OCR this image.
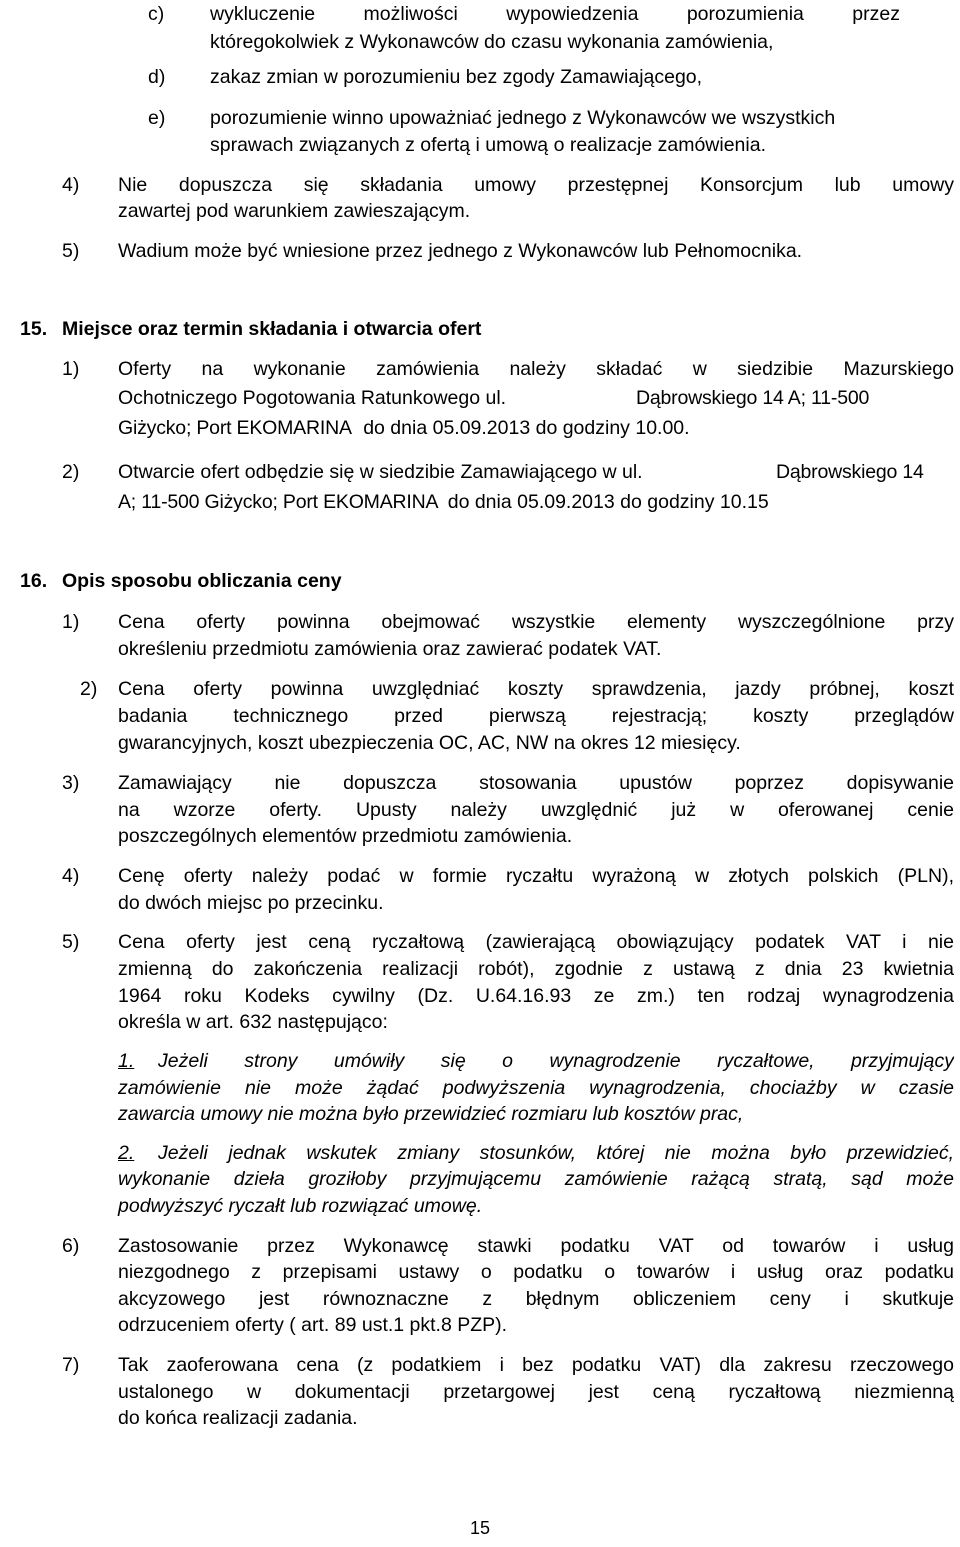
c) wykluczenie możliwości wypowiedzenia porozumienia przez
któregokolwiek z Wykonawców do czasu wykonania zamówienia,
d) zakaz zmian w porozumieniu bez zgody Zamawiającego,
e) porozumienie winno upoważniać jednego z Wykonawców we wszystkich
sprawach związanych z ofertą i umową o realizacje zamówienia.
4) Nie dopuszcza się składania umowy przestępnej Konsorcjum lub umowy
zawartej pod warunkiem zawieszającym.
5) Wadium może być wniesione przez jednego z Wykonawców lub Pełnomocnika.
15. Miejsce oraz termin składania i otwarcia ofert
1) Oferty na wykonanie zamówienia należy składać w siedzibie Mazurskiego
Ochotniczego Pogotowania Ratunkowego ul.	Dąbrowskiego 14 A; 11-500
Giżycko; Port EKOMARINA do dnia 05.09.2013 do godziny 10.00.
2) Otwarcie ofert odbędzie się w siedzibie Zamawiającego w ul.	Dąbrowskiego 14
A; 11-500 Giżycko; Port EKOMARINA do dnia 05.09.2013 do godziny 10.15
16. Opis sposobu obliczania ceny
1) Cena oferty powinna obejmować wszystkie elementy wyszczególnione przy
określeniu przedmiotu zamówienia oraz zawierać podatek VAT.
2) Cena oferty powinna uwzględniać koszty sprawdzenia, jazdy próbnej, koszt
badania technicznego przed pierwszą rejestracją; koszty przeglądów
gwarancyjnych, koszt ubezpieczenia OC, AC, NW na okres 12 miesięcy.
3) Zamawiający nie dopuszcza stosowania upustów poprzez dopisywanie
na wzorze oferty. Upusty należy uwzględnić już w oferowanej cenie
poszczególnych elementów przedmiotu zamówienia.
4) Cenę oferty należy podać w formie ryczałtu wyrażoną w złotych polskich (PLN),
do dwóch miejsc po przecinku.
5) Cena oferty jest ceną ryczałtową (zawierającą obowiązujący podatek VAT i nie
zmienną do zakończenia realizacji robót), zgodnie z ustawą z dnia 23 kwietnia
1964 roku Kodeks cywilny (Dz. U.64.16.93 ze zm.) ten rodzaj wynagrodzenia
określa w art. 632 następująco:
1. Jeżeli strony umówiły się o wynagrodzenie ryczałtowe, przyjmujący
zamówienie nie może żądać podwyższenia wynagrodzenia, chociażby w czasie
zawarcia umowy nie można było przewidzieć rozmiaru lub kosztów prac,
2. Jeżeli jednak wskutek zmiany stosunków, której nie można było przewidzieć,
wykonanie dzieła groziłoby przyjmującemu zamówienie rażącą stratą, sąd może
podwyższyć ryczałt lub rozwiązać umowę.
6) Zastosowanie przez Wykonawcę stawki podatku VAT od towarów i usług
niezgodnego z przepisami ustawy o podatku o towarów i usług oraz podatku
akcyzowego jest równoznaczne z błędnym obliczeniem ceny i skutkuje
odrzuceniem oferty ( art. 89 ust.1 pkt.8 PZP).
7) Tak zaoferowana cena (z podatkiem i bez podatku VAT) dla zakresu rzeczowego
ustalonego w dokumentacji przetargowej jest ceną ryczałtową niezmienną
do końca realizacji zadania.
15
